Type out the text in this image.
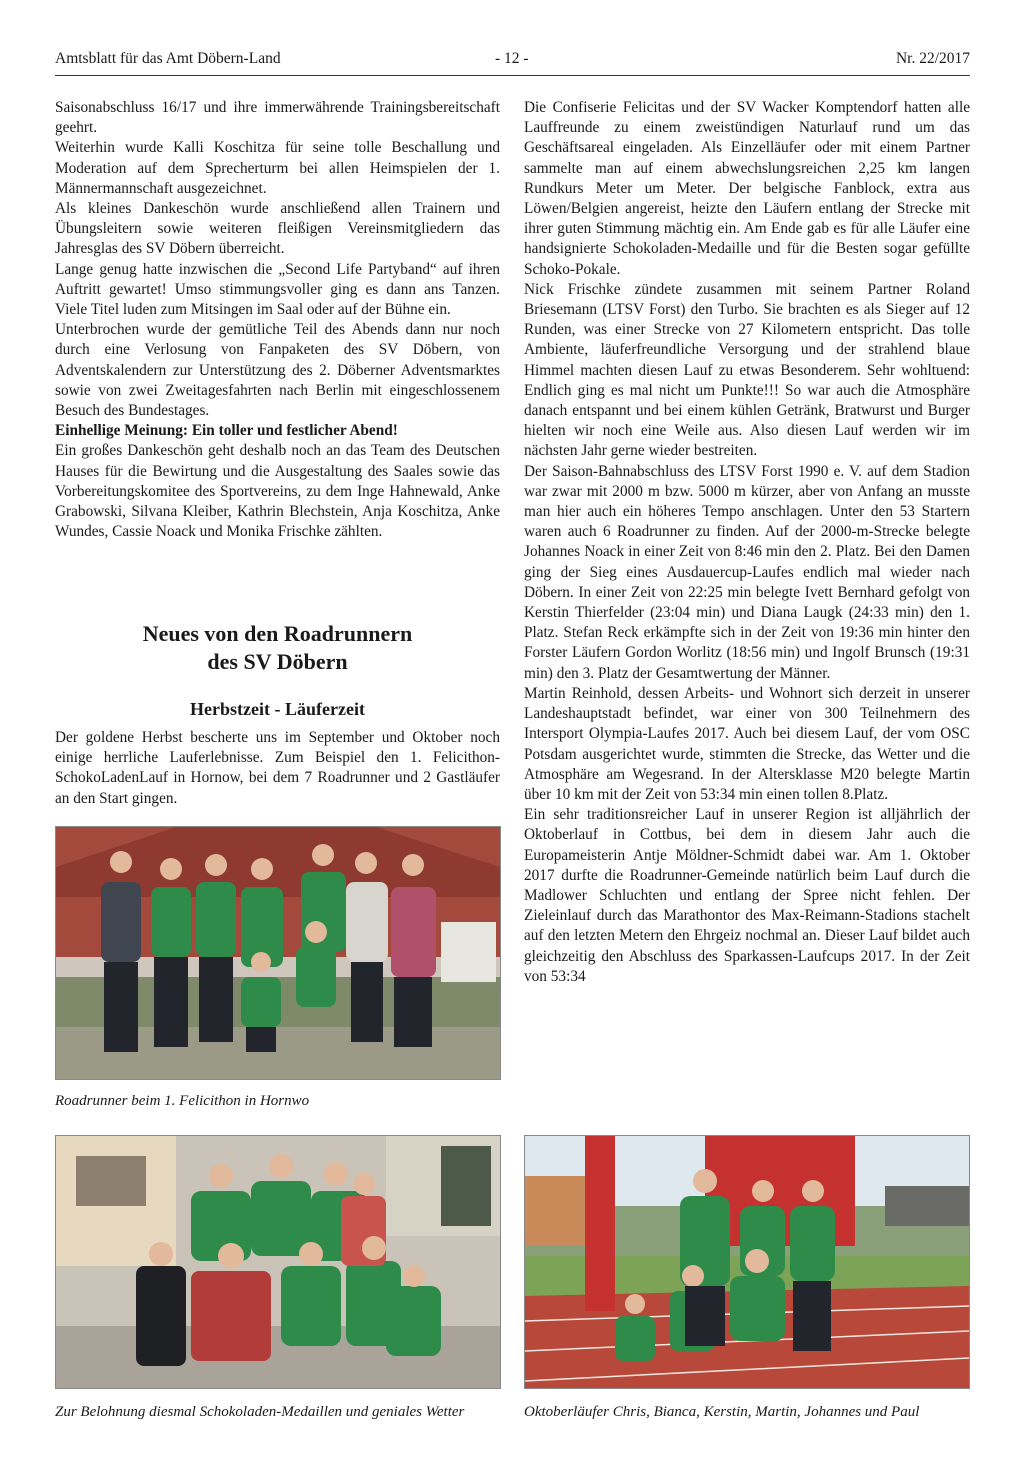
Amtsblatt für das Amt Döbern-Land	- 12 -	Nr. 22/2017

Saisonabschluss 16/17 und ihre immerwährende Trainingsbereitschaft geehrt.

Weiterhin wurde Kalli Koschitza für seine tolle Beschallung und Moderation auf dem Sprecherturm bei allen Heimspielen der 1. Männermannschaft ausgezeichnet.

Als kleines Dankeschön wurde anschließend allen Trainern und Übungsleitern sowie weiteren fleißigen Vereinsmitgliedern das Jahresglas des SV Döbern überreicht.

Lange genug hatte inzwischen die „Second Life Partyband“ auf ihren Auftritt gewartet! Umso stimmungsvoller ging es dann ans Tanzen. Viele Titel luden zum Mitsingen im Saal oder auf der Bühne ein.

Unterbrochen wurde der gemütliche Teil des Abends dann nur noch durch eine Verlosung von Fanpaketen des SV Döbern, von Adventskalendern zur Unterstützung des 2. Döberner Adventsmarktes sowie von zwei Zweitagesfahrten nach Berlin mit eingeschlossenem Besuch des Bundestages.

Einhellige Meinung: Ein toller und festlicher Abend!

Ein großes Dankeschön geht deshalb noch an das Team des Deutschen Hauses für die Bewirtung und die Ausgestaltung des Saales sowie das Vorbereitungskomitee des Sportvereins, zu dem Inge Hahnewald, Anke Grabowski, Silvana Kleiber, Kathrin Blechstein, Anja Koschitza, Anke Wundes, Cassie Noack und Monika Frischke zählten.

Neues von den Roadrunnern
des SV Döbern
Herbstzeit - Läuferzeit

Der goldene Herbst bescherte uns im September und Oktober noch einige herrliche Lauferlebnisse. Zum Beispiel den 1. Felicithon-SchokoLadenLauf in Hornow, bei dem 7 Roadrunner und 2 Gastläufer an den Start gingen.

Roadrunner beim 1. Felicithon in Hornwo
Zur Belohnung diesmal Schokoladen-Medaillen und geniales Wetter	Oktoberläufer Chris, Bianca, Kerstin, Martin, Johannes und Paul

Die Confiserie Felicitas und der SV Wacker Komptendorf hatten alle Lauffreunde zu einem zweistündigen Naturlauf rund um das Geschäftsareal eingeladen. Als Einzelläufer oder mit einem Partner sammelte man auf einem abwechslungsreichen 2,25 km langen Rundkurs Meter um Meter. Der belgische Fanblock, extra aus Löwen/Belgien angereist, heizte den Läufern entlang der Strecke mit ihrer guten Stimmung mächtig ein. Am Ende gab es für alle Läufer eine handsignierte Schokoladen-Medaille und für die Besten sogar gefüllte Schoko-Pokale.

Nick Frischke zündete zusammen mit seinem Partner Roland Briesemann (LTSV Forst) den Turbo. Sie brachten es als Sieger auf 12 Runden, was einer Strecke von 27 Kilometern entspricht. Das tolle Ambiente, läuferfreundliche Versorgung und der strahlend blaue Himmel machten diesen Lauf zu etwas Besonderem. Sehr wohltuend: Endlich ging es mal nicht um Punkte!!! So war auch die Atmosphäre danach entspannt und bei einem kühlen Getränk, Bratwurst und Burger hielten wir noch eine Weile aus. Also diesen Lauf werden wir im nächsten Jahr gerne wieder bestreiten.

Der Saison-Bahnabschluss des LTSV Forst 1990 e. V. auf dem Stadion war zwar mit 2000 m bzw. 5000 m kürzer, aber von Anfang an musste man hier auch ein höheres Tempo anschlagen. Unter den 53 Startern waren auch 6 Roadrunner zu finden. Auf der 2000-m-Strecke belegte Johannes Noack in einer Zeit von 8:46 min den 2. Platz. Bei den Damen ging der Sieg eines Ausdauercup-Laufes endlich mal wieder nach Döbern. In einer Zeit von 22:25 min belegte Ivett Bernhard gefolgt von Kerstin Thierfelder (23:04 min) und Diana Laugk (24:33 min) den 1. Platz. Stefan Reck erkämpfte sich in der Zeit von 19:36 min hinter den Forster Läufern Gordon Worlitz (18:56 min) und Ingolf Brunsch (19:31 min) den 3. Platz der Gesamtwertung der Männer.

Martin Reinhold, dessen Arbeits- und Wohnort sich derzeit in unserer Landeshauptstadt befindet, war einer von 300 Teilnehmern des Intersport Olympia-Laufes 2017. Auch bei diesem Lauf, der vom OSC Potsdam ausgerichtet wurde, stimmten die Strecke, das Wetter und die Atmosphäre am Wegesrand. In der Altersklasse M20 belegte Martin über 10 km mit der Zeit von 53:34 min einen tollen 8.Platz.

Ein sehr traditionsreicher Lauf in unserer Region ist alljährlich der Oktoberlauf in Cottbus, bei dem in diesem Jahr auch die Europameisterin Antje Möldner-Schmidt dabei war. Am 1. Oktober 2017 durfte die Roadrunner-Gemeinde natürlich beim Lauf durch die Madlower Schluchten und entlang der Spree nicht fehlen. Der Zieleinlauf durch das Marathontor des Max-Reimann-Stadions stachelt auf den letzten Metern den Ehrgeiz nochmal an. Dieser Lauf bildet auch gleichzeitig den Abschluss des Sparkassen-Laufcups 2017. In der Zeit von 53:34
